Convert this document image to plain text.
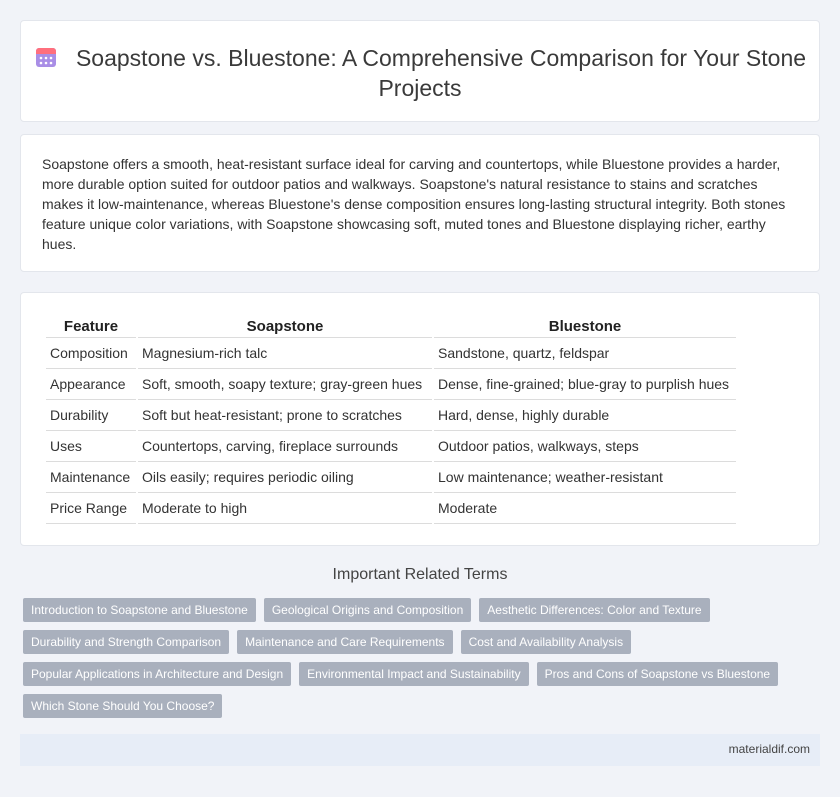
Soapstone vs. Bluestone: A Comprehensive Comparison for Your Stone Projects
Soapstone offers a smooth, heat-resistant surface ideal for carving and countertops, while Bluestone provides a harder, more durable option suited for outdoor patios and walkways. Soapstone's natural resistance to stains and scratches makes it low-maintenance, whereas Bluestone's dense composition ensures long-lasting structural integrity. Both stones feature unique color variations, with Soapstone showcasing soft, muted tones and Bluestone displaying richer, earthy hues.
Feature	Soapstone	Bluestone
Composition	Magnesium-rich talc	Sandstone, quartz, feldspar
Appearance	Soft, smooth, soapy texture; gray-green hues	Dense, fine-grained; blue-gray to purplish hues
Durability	Soft but heat-resistant; prone to scratches	Hard, dense, highly durable
Uses	Countertops, carving, fireplace surrounds	Outdoor patios, walkways, steps
Maintenance	Oils easily; requires periodic oiling	Low maintenance; weather-resistant
Price Range	Moderate to high	Moderate
Important Related Terms
Introduction to Soapstone and Bluestone	Geological Origins and Composition	Aesthetic Differences: Color and Texture
Durability and Strength Comparison	Maintenance and Care Requirements	Cost and Availability Analysis
Popular Applications in Architecture and Design	Environmental Impact and Sustainability	Pros and Cons of Soapstone vs Bluestone
Which Stone Should You Choose?
materialdif.com
